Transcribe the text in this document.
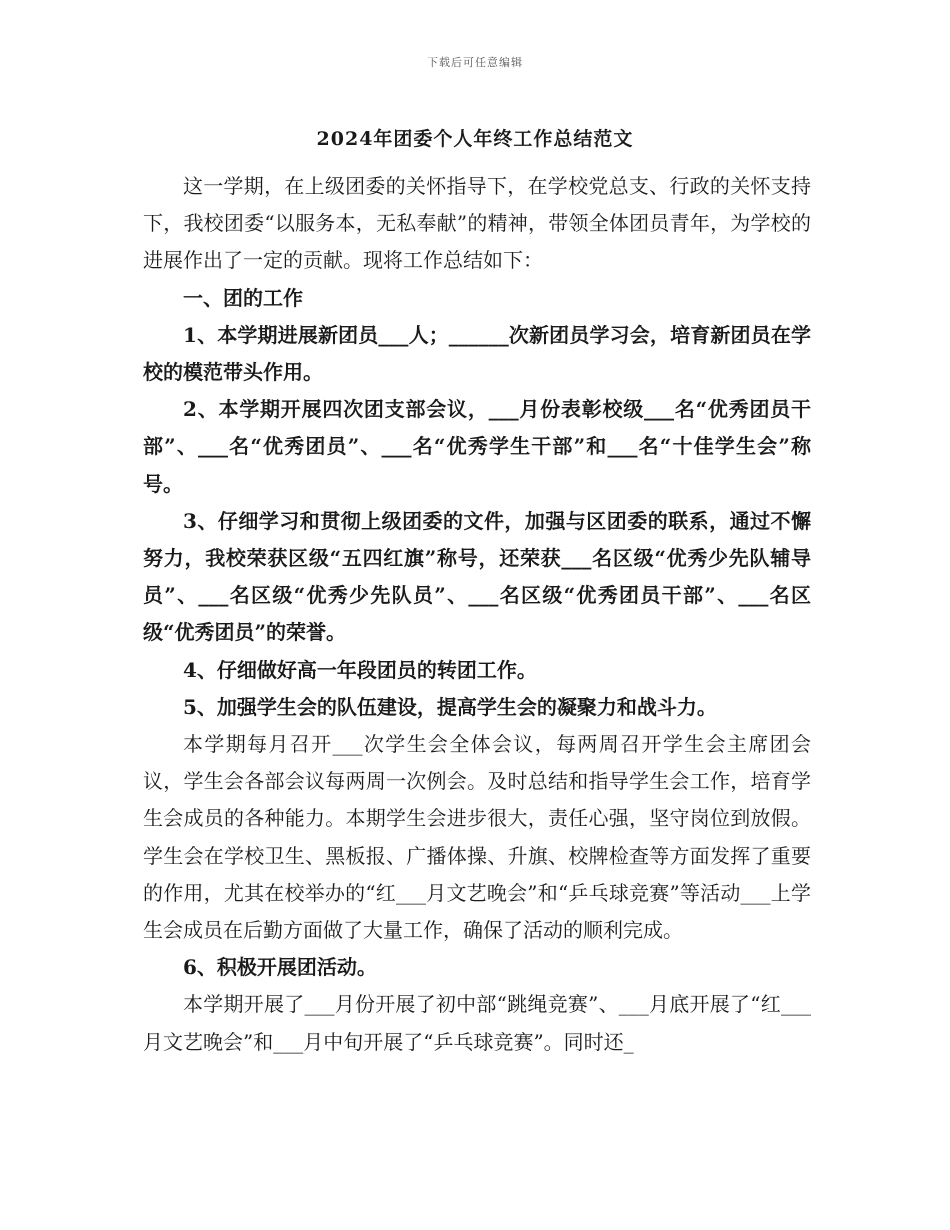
下载后可任意编辑
2024年团委个人年终工作总结范文

这一学期，在上级团委的关怀指导下，在学校党总支、行政的关怀支持下，我校团委“以服务本，无私奉献”的精神，带领全体团员青年，为学校的进展作出了一定的贡献。现将工作总结如下：

一、团的工作

1、本学期进展新团员___人；______次新团员学习会，培育新团员在学校的模范带头作用。

2、本学期开展四次团支部会议，___月份表彰校级___名“优秀团员干部”、___名“优秀团员”、___名“优秀学生干部”和___名“十佳学生会”称号。

3、仔细学习和贯彻上级团委的文件，加强与区团委的联系，通过不懈努力，我校荣获区级“五四红旗”称号，还荣获___名区级“优秀少先队辅导员”、___名区级“优秀少先队员”、___名区级“优秀团员干部”、___名区级“优秀团员”的荣誉。

4、仔细做好高一年段团员的转团工作。

5、加强学生会的队伍建设，提高学生会的凝聚力和战斗力。

本学期每月召开___次学生会全体会议，每两周召开学生会主席团会议，学生会各部会议每两周一次例会。及时总结和指导学生会工作，培育学生会成员的各种能力。本期学生会进步很大，责任心强，坚守岗位到放假。学生会在学校卫生、黑板报、广播体操、升旗、校牌检查等方面发挥了重要的作用，尤其在校举办的“红___月文艺晚会”和“乒乓球竞赛”等活动___上学生会成员在后勤方面做了大量工作，确保了活动的顺利完成。

6、积极开展团活动。

本学期开展了___月份开展了初中部“跳绳竞赛”、___月底开展了“红___月文艺晚会”和___月中旬开展了“乒乓球竞赛”。同时还_
